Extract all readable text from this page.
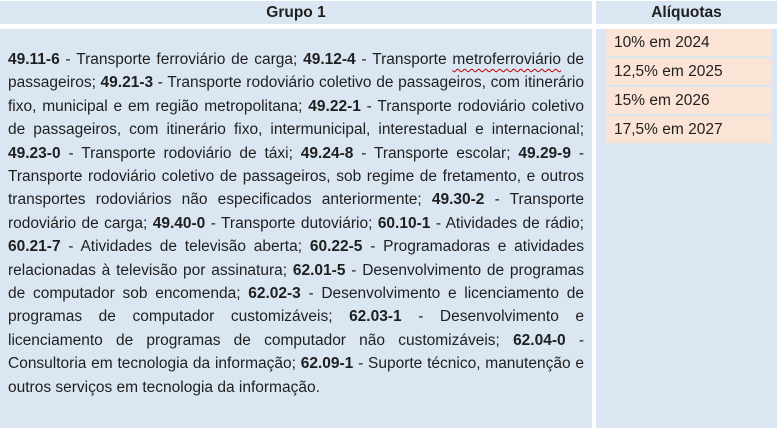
Grupo 1

49.11-6 - Transporte ferroviário de carga; 49.12-4 - Transporte metroferroviário de passageiros; 49.21-3 - Transporte rodoviário coletivo de passageiros, com itinerário fixo, municipal e em região metropolitana; 49.22-1 - Transporte rodoviário coletivo de passageiros, com itinerário fixo, intermunicipal, interestadual e internacional; 49.23-0 - Transporte rodoviário de táxi; 49.24-8 - Transporte escolar; 49.29-9 - Transporte rodoviário coletivo de passageiros, sob regime de fretamento, e outros transportes rodoviários não especificados anteriormente; 49.30-2 - Transporte rodoviário de carga; 49.40-0 - Transporte dutoviário; 60.10-1 - Atividades de rádio; 60.21-7 - Atividades de televisão aberta; 60.22-5 - Programadoras e atividades relacionadas à televisão por assinatura; 62.01-5 - Desenvolvimento de programas de computador sob encomenda; 62.02-3 - Desenvolvimento e licenciamento de programas de computador customizáveis; 62.03-1 - Desenvolvimento e licenciamento de programas de computador não customizáveis; 62.04-0 - Consultoria em tecnologia da informação; 62.09-1 - Suporte técnico, manutenção e outros serviços em tecnologia da informação.

Alíquotas
10% em 2024
12,5% em 2025
15% em 2026
17,5% em 2027
